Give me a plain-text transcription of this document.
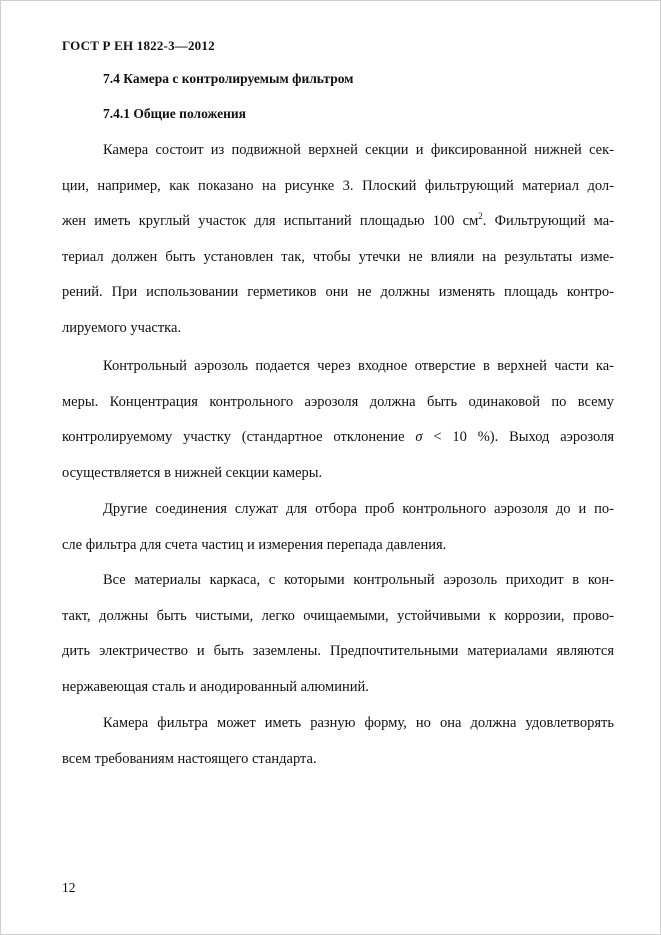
ГОСТ Р ЕН 1822-3—2012
7.4 Камера с контролируемым фильтром
7.4.1 Общие положения
Камера состоит из подвижной верхней секции и фиксированной нижней сек-
ции, например, как показано на рисунке 3. Плоский фильтрующий материал дол-
жен иметь круглый участок для испытаний площадью 100 $см^2$. Фильтрующий ма-
териал должен быть установлен так, чтобы утечки не влияли на результаты изме-
рений. При использовании герметиков они не должны изменять площадь контро-
лируемого участка.
Контрольный аэрозоль подается через входное отверстие в верхней части ка-
меры. Концентрация контрольного аэрозоля должна быть одинаковой по всему
контролируемому участку (стандартное отклонение σ < 10 %). Выход аэрозоля
осуществляется в нижней секции камеры.
Другие соединения служат для отбора проб контрольного аэрозоля до и по-
сле фильтра для счета частиц и измерения перепада давления.
Все материалы каркаса, с которыми контрольный аэрозоль приходит в кон-
такт, должны быть чистыми, легко очищаемыми, устойчивыми к коррозии, прово-
дить электричество и быть заземлены. Предпочтительными материалами являются
нержавеющая сталь и анодированный алюминий.
Камера фильтра может иметь разную форму, но она должна удовлетворять
всем требованиям настоящего стандарта.
12
